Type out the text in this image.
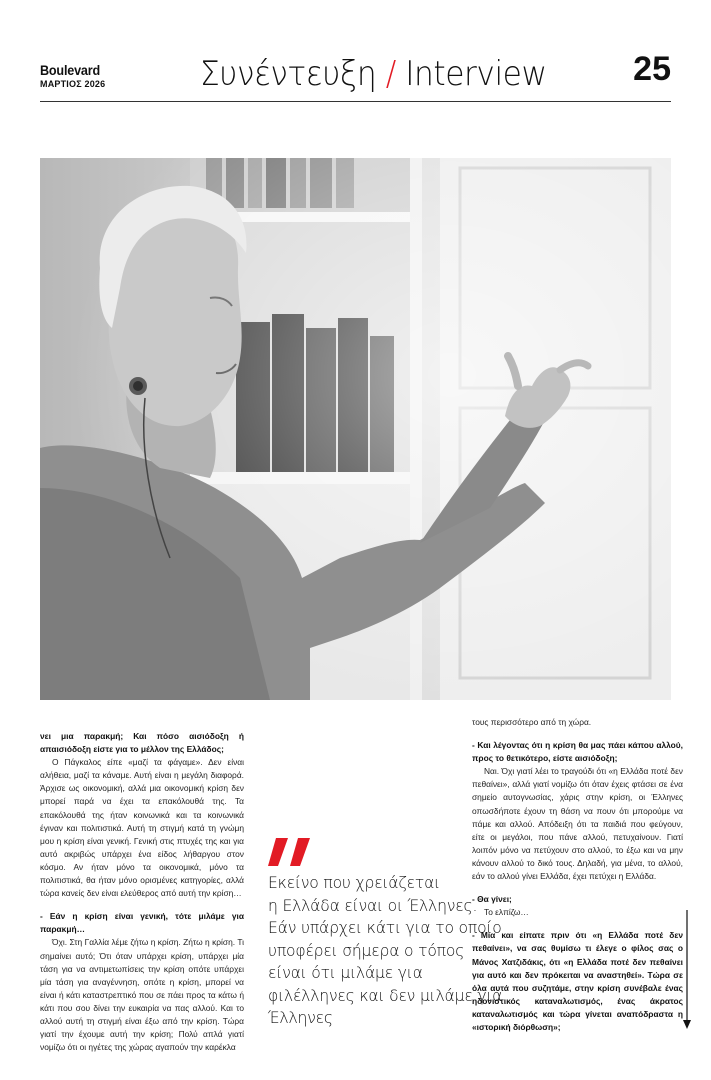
Boulevard
ΜΑΡΤΙΟΣ 2026	Συνέντευξη / Interview	25

νει μια παρακμή; Και πόσο αισιόδοξη ή απαισιόδοξη είστε για το μέλλον της Ελλάδος;

Ο Πάγκαλος είπε «μαζί τα φάγαμε». Δεν είναι αλήθεια, μαζί τα κάναμε. Αυτή είναι η μεγάλη διαφορά. Άρχισε ως οικονομική, αλλά μια οικονομική κρίση δεν μπορεί παρά να έχει τα επακόλουθά της. Τα επακόλουθά της ήταν κοινωνικά και τα κοινωνικά έγιναν και πολιτιστικά. Αυτή τη στιγμή κατά τη γνώμη μου η κρίση είναι γενική. Γενική στις πτυχές της και για αυτό ακριβώς υπάρχει ένα είδος λήθαργου στον κόσμο. Αν ήταν μόνο τα οικονομικά, μόνο τα πολιτιστικά, θα ήταν μόνο ορισμένες κατηγορίες, αλλά τώρα κανείς δεν είναι ελεύθερος από αυτή την κρίση…

- Εάν η κρίση είναι γενική, τότε μιλάμε για παρακμή…

Όχι. Στη Γαλλία λέμε ζήτω η κρίση. Ζήτω η κρίση. Τι σημαίνει αυτό; Ότι όταν υπάρχει κρίση, υπάρχει μία τάση για να αντιμετωπίσεις την κρίση οπότε υπάρχει μία τάση για αναγέννηση, οπότε η κρίση, μπορεί να είναι ή κάτι καταστρεπτικό που σε πάει προς τα κάτω ή κάτι που σου δίνει την ευκαιρία να πας αλλού. Και το αλλού αυτή τη στιγμή είναι έξω από την κρίση. Τώρα γιατί την έχουμε αυτή την κρίση; Πολύ απλά γιατί νομίζω ότι οι ηγέτες της χώρας αγαπούν την καρέκλα

Εκείνο που χρειάζεται
η Ελλάδα είναι οι Έλληνες.
Εάν υπάρχει κάτι για το οποίο
υποφέρει σήμερα ο τόπος
είναι ότι μιλάμε για
φιλέλληνες και δεν μιλάμε για
Έλληνες

τους περισσότερο από τη χώρα.

- Και λέγοντας ότι η κρίση θα μας πάει κάπου αλλού, προς το θετικότερο, είστε αισιόδοξη;

Ναι. Όχι γιατί λέει το τραγούδι ότι «η Ελλάδα ποτέ δεν πεθαίνει», αλλά γιατί νομίζω ότι όταν έχεις φτάσει σε ένα σημείο αυτογνωσίας, χάρις στην κρίση, οι Έλληνες οπωσδήποτε έχουν τη θάση να πουν ότι μπορούμε να πάμε και αλλού. Απόδειξη ότι τα παιδιά που φεύγουν, είτε οι μεγάλοι, που πάνε αλλού, πετυχαίνουν. Γιατί λοιπόν μόνο να πετύχουν στο αλλού, το έξω και να μην κάνουν αλλού το δικό τους. Δηλαδή, για μένα, το αλλού, εάν το αλλού γίνει Ελλάδα, έχει πετύχει η Ελλάδα.

- Θα γίνει;

Το ελπίζω…

- Μια και είπατε πριν ότι «η Ελλάδα ποτέ δεν πεθαίνει», να σας θυμίσω τι έλεγε ο φίλος σας ο Μάνος Χατζιδάκις, ότι «η Ελλάδα ποτέ δεν πεθαίνει για αυτό και δεν πρόκειται να αναστηθεί». Τώρα σε όλα αυτά που συζητάμε, στην κρίση συνέβαλε ένας ηδονιστικός καταναλωτισμός, ένας άκρατος καταναλωτισμός και τώρα γίνεται αναπόδραστα η «ιστορική διόρθωση»;
